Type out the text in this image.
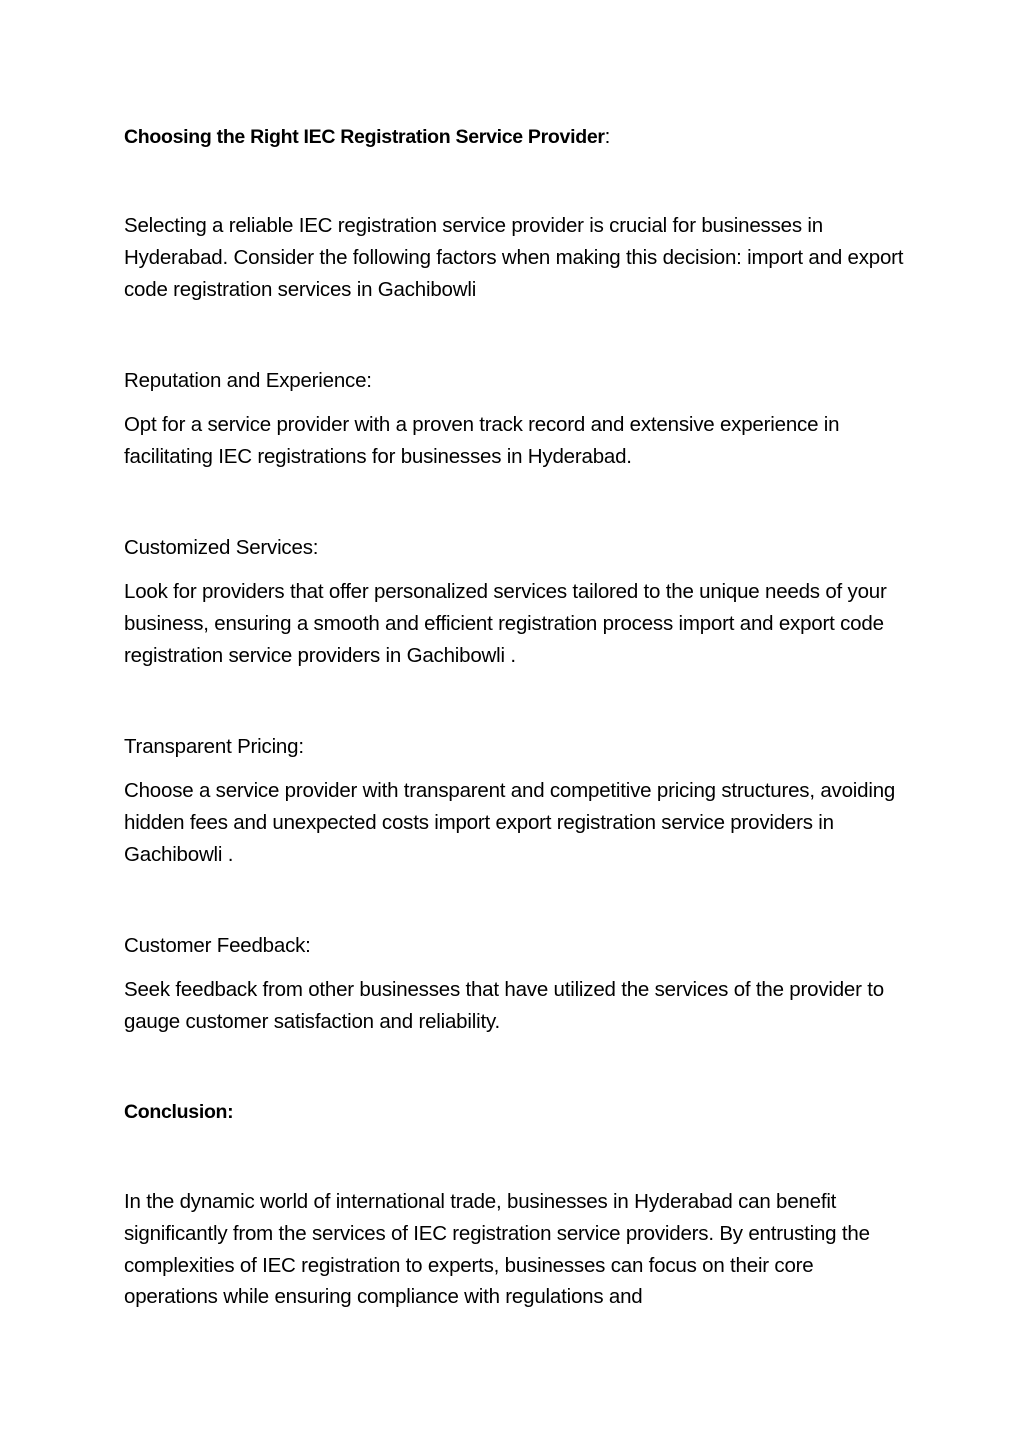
Choosing the Right IEC Registration Service Provider:

Selecting a reliable IEC registration service provider is crucial for businesses in Hyderabad. Consider the following factors when making this decision: import and export code registration services in Gachibowli

Reputation and Experience:

Opt for a service provider with a proven track record and extensive experience in facilitating IEC registrations for businesses in Hyderabad.

Customized Services:

Look for providers that offer personalized services tailored to the unique needs of your business, ensuring a smooth and efficient registration process import and export code registration service providers in Gachibowli .

Transparent Pricing:

Choose a service provider with transparent and competitive pricing structures, avoiding hidden fees and unexpected costs import export registration service providers in Gachibowli .

Customer Feedback:

Seek feedback from other businesses that have utilized the services of the provider to gauge customer satisfaction and reliability.

Conclusion:

In the dynamic world of international trade, businesses in Hyderabad can benefit significantly from the services of IEC registration service providers. By entrusting the complexities of IEC registration to experts, businesses can focus on their core operations while ensuring compliance with regulations and
